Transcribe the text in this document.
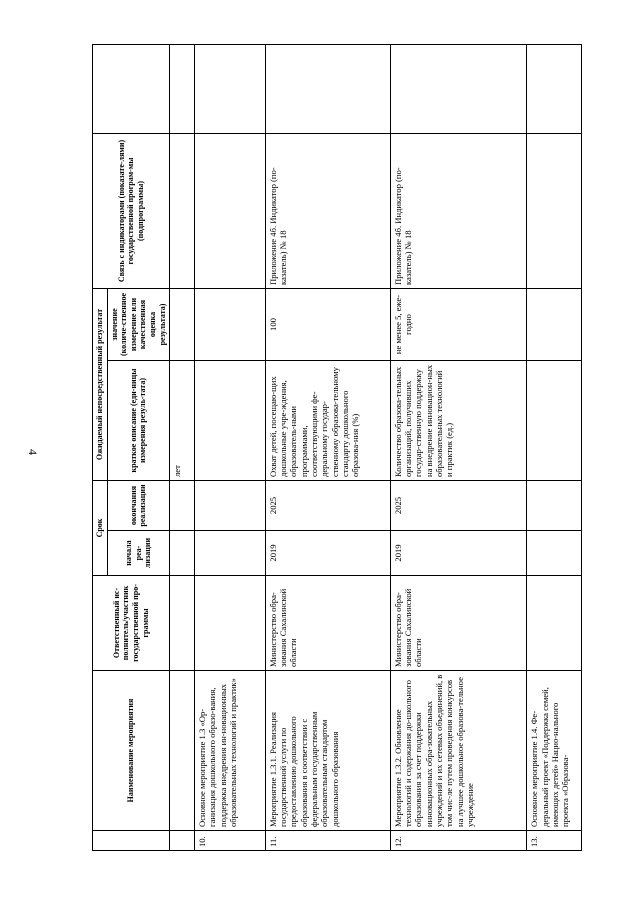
4
	Наименование мероприятия	Ответственный ис-полнитель/участник государственной про-граммы	Срок		Ожидаемый непосредственный результат		Связь с индикаторами (показате-лями) государственной програм-мы (подпрограммы)	
			начала реа-лизации	окончания реализации	краткое описание (еди-ницы измерения резуль-тата)	значение (количе-ственное измерение или качественная оценка результата)		
					лет			
10.	Основное мероприятие 1.3 «Ор-ганизация дошкольного образо-вания, поддержка внедрения ин-новационных образовательных технологий и практик»							
11.	Мероприятие 1.3.1. Реализация государственной услуги по предоставлению дошкольного образования в соответствии с федеральным государственным образовательным стандартом дошкольного образования	Министерство обра-зования Сахалинской области	2019	2025	Охват детей, посещаю-щих дошкольные учре-ждения, образователь-ными программами, соответствующими фе-деральному государ-ственному образова-тельному стандарту дошкольного образова-ния (%)	100	Приложение 4б. Индикатор (по-казатель) № 18	
12.	Мероприятие 1.3.2. Обновление технологий и содержания до-школьного образования за счет поддержки инновационных обра-зовательных учреждений и их сетевых объединений, в том чис-ле путем проведения конкурсов на лучшее дошкольное образова-тельное учреждение	Министерство обра-зования Сахалинской области	2019	2025	Количество образова-тельных организаций, получивших государ-ственную поддержку на внедрение инновацион-ных образовательных технологий и практик (ед.)	не менее 5, еже-годно	Приложение 4б. Индикатор (по-казатель) № 18	
13.	Основное мероприятие 1.4. Фе-деральный проект «Поддержка семей, имеющих детей» Нацио-нального проекта «Образова-							
